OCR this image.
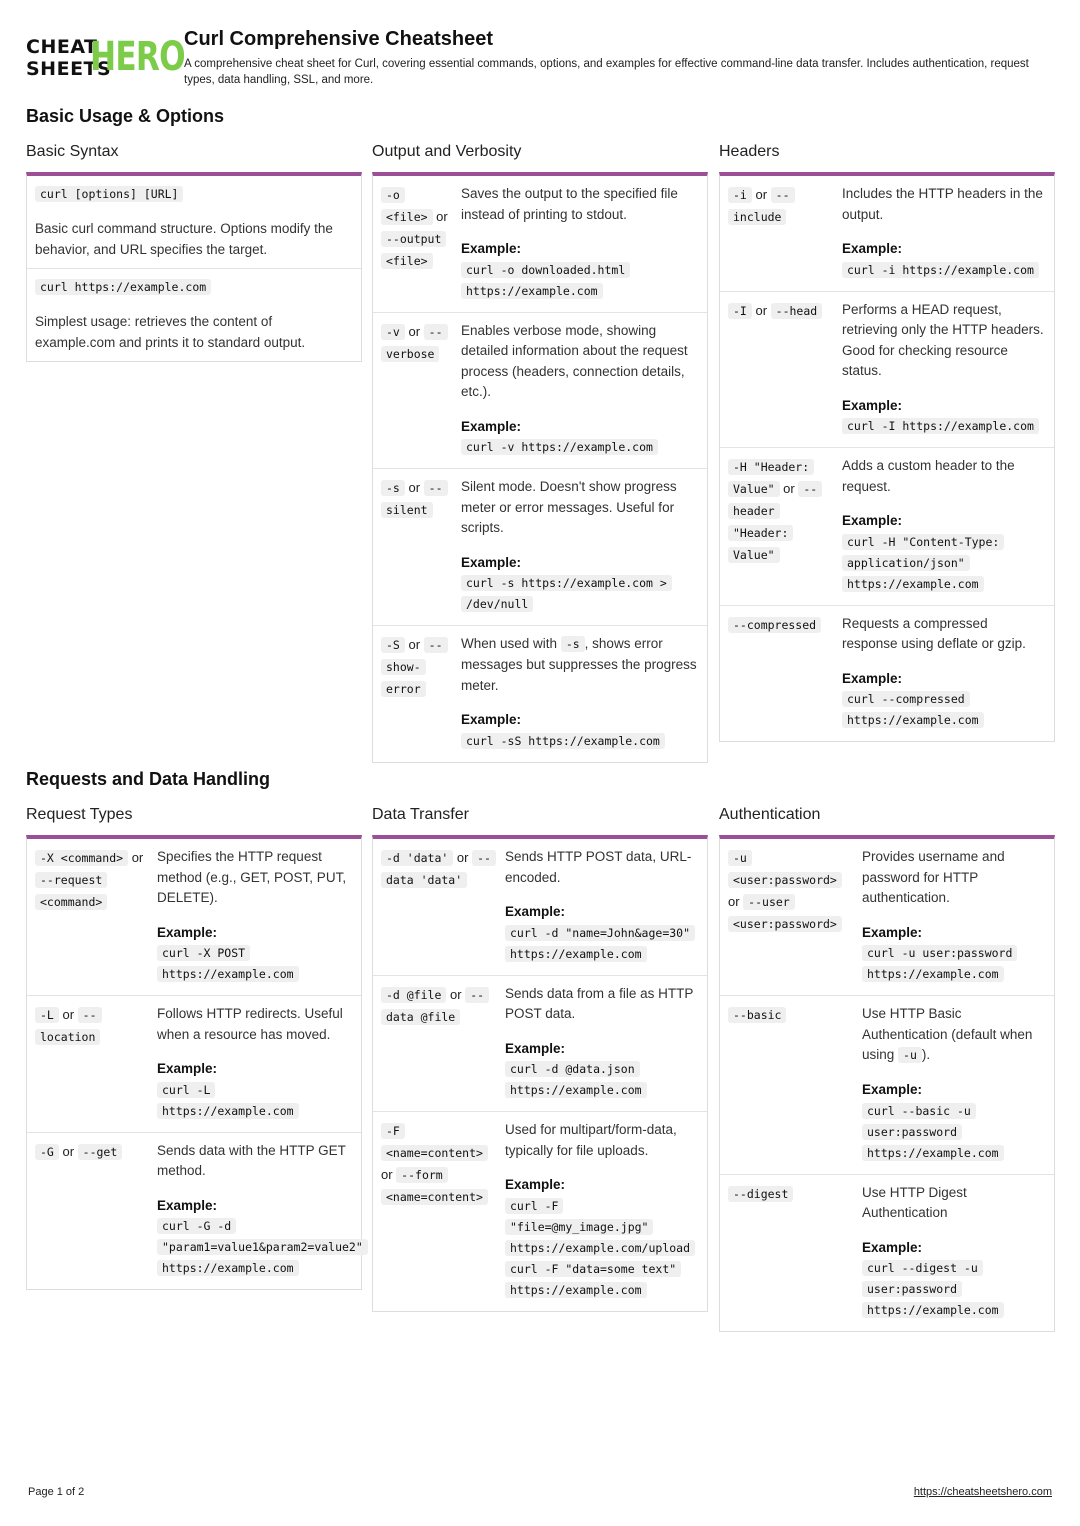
CHEAT
SHEETS
HERO Curl Comprehensive Cheatsheet
A comprehensive cheat sheet for Curl, covering essential commands, options, and examples for effective command-line data transfer. Includes authentication, request types, data handling, SSL, and more.
Basic Usage & Options
Basic Syntax
curl [options] [URL]
Basic curl command structure. Options modify the behavior, and URL specifies the target.
curl https://example.com
Simplest usage: retrieves the content of example.com and prints it to standard output.
Output and Verbosity
-o <file> or --output <file>
Saves the output to the specified file instead of printing to stdout.
Example:
curl -o downloaded.html https://example.com
-v or --verbose
Enables verbose mode, showing detailed information about the request process (headers, connection details, etc.).
Example:
curl -v https://example.com
-s or --silent
Silent mode. Doesn't show progress meter or error messages. Useful for scripts.
Example:
curl -s https://example.com > /dev/null
-S or --show-error
When used with -s , shows error messages but suppresses the progress meter.
Example:
curl -sS https://example.com
Headers
-i or --include
Includes the HTTP headers in the output.
Example:
curl -i https://example.com
-I or --head	Performs a HEAD request, retrieving only the HTTP headers. Good for checking resource status.
Example:
curl -I https://example.com
-H "Header: Value" or --header "Header: Value"
Adds a custom header to the request.
Example:
curl -H "Content-Type: application/json" https://example.com
--compressed	Requests a compressed response using deflate or gzip.
Example:
curl --compressed https://example.com
Requests and Data Handling
Request Types
-X <command> or --request <command>
Specifies the HTTP request method (e.g., GET, POST, PUT, DELETE).
Example:
curl -X POST https://example.com
-L or --location
Follows HTTP redirects. Useful when a resource has moved.
Example:
curl -L https://example.com
-G or --get	Sends data with the HTTP GET method.
Example:
curl -G -d "param1=value1&param2=value2" https://example.com
Data Transfer
-d 'data' or --data 'data'
Sends HTTP POST data, URL-encoded.
Example:
curl -d "name=John&age=30" https://example.com
-d @file or --data @file
Sends data from a file as HTTP POST data.
Example:
curl -d @data.json https://example.com
-F <name=content> or --form <name=content>
Used for multipart/form-data, typically for file uploads.
Example:
curl -F "file=@my_image.jpg" https://example.com/upload
curl -F "data=some text" https://example.com
Authentication
-u <user:password> or --user <user:password>
Provides username and password for HTTP authentication.
Example:
curl -u user:password https://example.com
--basic	Use HTTP Basic Authentication (default when using -u ).
Example:
curl --basic -u user:password https://example.com
--digest	Use HTTP Digest Authentication
Example:
curl --digest -u user:password https://example.com
Page 1 of 2	https://cheatsheetshero.com
